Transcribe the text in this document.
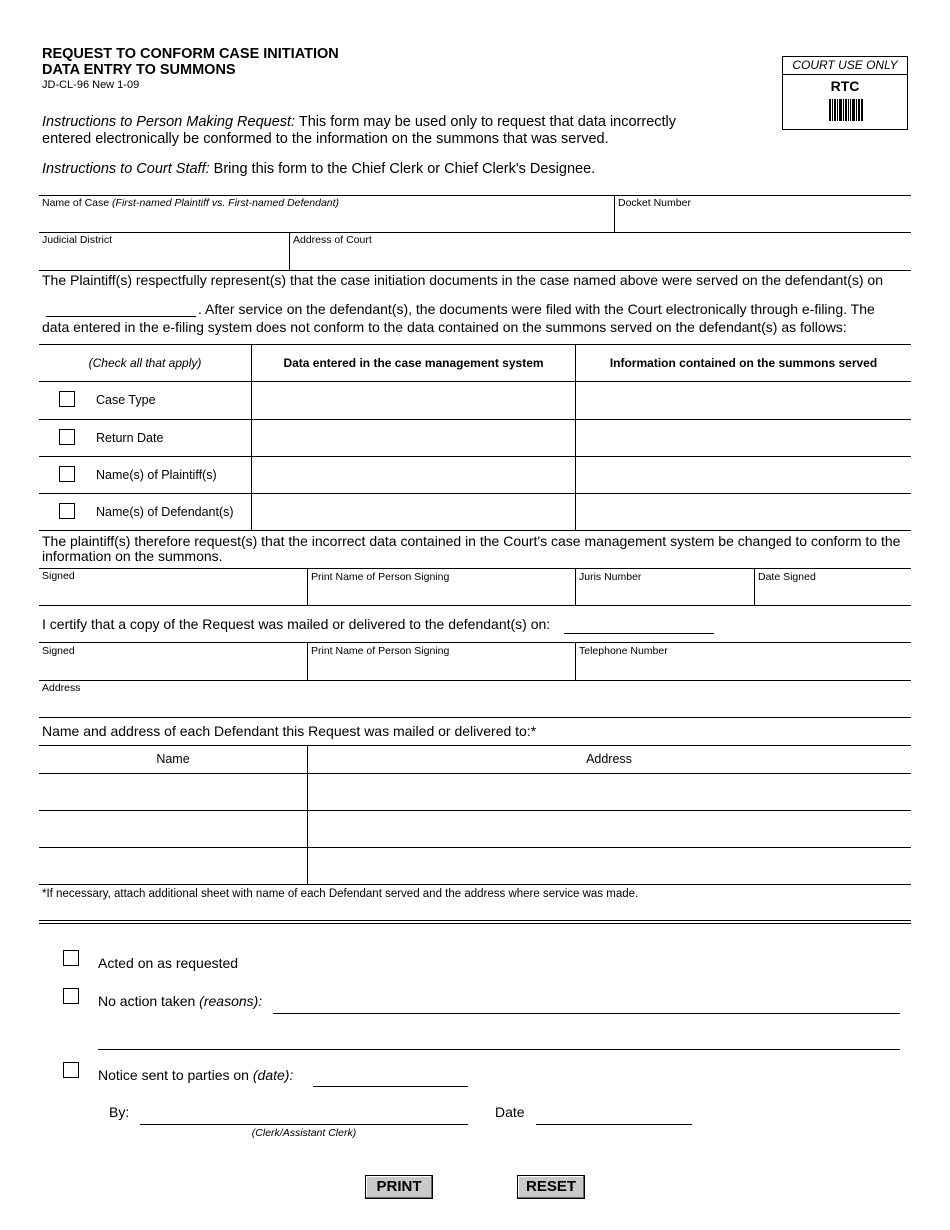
REQUEST TO CONFORM CASE INITIATION
DATA ENTRY TO SUMMONS
JD-CL-96 New 1-09
COURT USE ONLY
RTC
Instructions to Person Making Request: This form may be used only to request that data incorrectly
entered electronically be conformed to the information on the summons that was served.
Instructions to Court Staff: Bring this form to the Chief Clerk or Chief Clerk's Designee.
Name of Case (First-named Plaintiff vs. First-named Defendant)	Docket Number
Judicial District	Address of Court
The Plaintiff(s) respectfully represent(s) that the case initiation documents in the case named above were served on the defendant(s) on
. After service on the defendant(s), the documents were filed with the Court electronically through e-filing. The
data entered in the e-filing system does not conform to the data contained on the summons served on the defendant(s) as follows:
(Check all that apply)	Data entered in the case management system	Information contained on the summons served
Case Type
Return Date
Name(s) of Plaintiff(s)
Name(s) of Defendant(s)
The plaintiff(s) therefore request(s) that the incorrect data contained in the Court's case management system be changed to conform to the
information on the summons.
Signed	Print Name of Person Signing	Juris Number	Date Signed
I certify that a copy of the Request was mailed or delivered to the defendant(s) on:
Signed	Print Name of Person Signing	Telephone Number
Address
Name and address of each Defendant this Request was mailed or delivered to:*
Name	Address
*If necessary, attach additional sheet with name of each Defendant served and the address where service was made.
Acted on as requested
No action taken (reasons):
Notice sent to parties on (date):
By:
(Clerk/Assistant Clerk)
Date
PRINT	RESET
